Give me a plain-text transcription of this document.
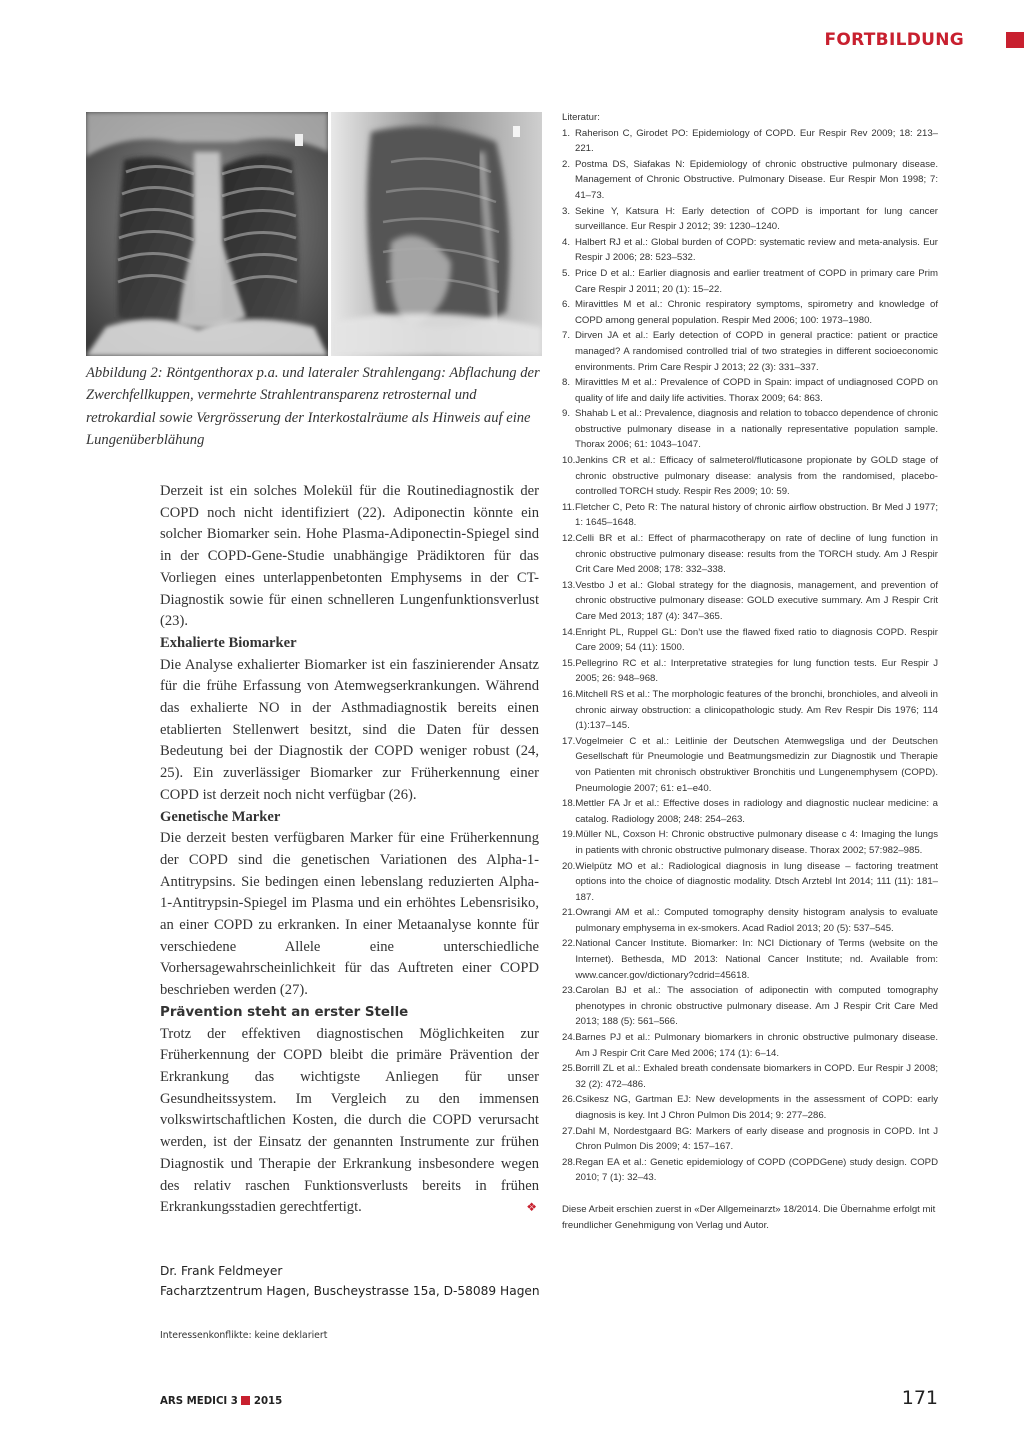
FORTBILDUNG
Abbildung 2: Röntgenthorax p.a. und lateraler Strahlengang: Abflachung der Zwerchfellkuppen, vermehrte Strahlentransparenz retrosternal und retrokardial sowie Vergrösserung der Interkostalräume als Hinweis auf eine Lungenüberblähung

Derzeit ist ein solches Molekül für die Routinediagnostik der COPD noch nicht identifiziert (22). Adiponectin könnte ein solcher Biomarker sein. Hohe Plasma-Adiponectin-Spiegel sind in der COPD-Gene-Studie unabhängige Prädiktoren für das Vorliegen eines unterlappenbetonten Emphysems in der CT-Diagnostik sowie für einen schnelleren Lungenfunktionsverlust (23).

Exhalierte Biomarker

Die Analyse exhalierter Biomarker ist ein faszinierender Ansatz für die frühe Erfassung von Atemwegserkrankungen. Während das exhalierte NO in der Asthmadiagnostik bereits einen etablierten Stellenwert besitzt, sind die Daten für dessen Bedeutung bei der Diagnostik der COPD weniger robust (24, 25). Ein zuverlässiger Biomarker zur Früherkennung einer COPD ist derzeit noch nicht verfügbar (26).

Genetische Marker

Die derzeit besten verfügbaren Marker für eine Früherkennung der COPD sind die genetischen Variationen des Alpha-1-Antitrypsins. Sie bedingen einen lebenslang reduzierten Alpha-1-Antitrypsin-Spiegel im Plasma und ein erhöhtes Lebensrisiko, an einer COPD zu erkranken. In einer Metaanalyse konnte für verschiedene Allele eine unterschiedliche Vorhersagewahrscheinlichkeit für das Auftreten einer COPD beschrieben werden (27).

Prävention steht an erster Stelle

Trotz der effektiven diagnostischen Möglichkeiten zur Früherkennung der COPD bleibt die primäre Prävention der Erkrankung das wichtigste Anliegen für unser Gesundheitssystem. Im Vergleich zu den immensen volkswirtschaftlichen Kosten, die durch die COPD verursacht werden, ist der Einsatz der genannten Instrumente zur frühen Diagnostik und Therapie der Erkrankung insbesondere wegen des relativ raschen Funktionsverlusts bereits in frühen Erkrankungsstadien gerechtfertigt.	❖

Dr. Frank Feldmeyer
Facharztzentrum Hagen, Buscheystrasse 15a, D-58089 Hagen
Interessenkonflikte: keine deklariert

Literatur:

1. Raherison C, Girodet PO: Epidemiology of COPD. Eur Respir Rev 2009; 18: 213–221.
2. Postma DS, Siafakas N: Epidemiology of chronic obstructive pulmonary disease. Management of Chronic Obstructive. Pulmonary Disease. Eur Respir Mon 1998; 7: 41–73.
3. Sekine Y, Katsura H: Early detection of COPD is important for lung cancer surveillance. Eur Respir J 2012; 39: 1230–1240.
4. Halbert RJ et al.: Global burden of COPD: systematic review and meta-analysis. Eur Respir J 2006; 28: 523–532.
5. Price D et al.: Earlier diagnosis and earlier treatment of COPD in primary care Prim Care Respir J 2011; 20 (1): 15–22.
6. Miravittles M et al.: Chronic respiratory symptoms, spirometry and knowledge of COPD among general population. Respir Med 2006; 100: 1973–1980.
7. Dirven JA et al.: Early detection of COPD in general practice: patient or practice managed? A randomised controlled trial of two strategies in different socioeconomic environments. Prim Care Respir J 2013; 22 (3): 331–337.
8. Miravittles M et al.: Prevalence of COPD in Spain: impact of undiagnosed COPD on quality of life and daily life activities. Thorax 2009; 64: 863.
9. Shahab L et al.: Prevalence, diagnosis and relation to tobacco dependence of chronic obstructive pulmonary disease in a nationally representative population sample. Thorax 2006; 61: 1043–1047.
10. Jenkins CR et al.: Efficacy of salmeterol/fluticasone propionate by GOLD stage of chronic obstructive pulmonary disease: analysis from the randomised, placebo-controlled TORCH study. Respir Res 2009; 10: 59.
11. Fletcher C, Peto R: The natural history of chronic airflow obstruction. Br Med J 1977; 1: 1645–1648.
12. Celli BR et al.: Effect of pharmacotherapy on rate of decline of lung function in chronic obstructive pulmonary disease: results from the TORCH study. Am J Respir Crit Care Med 2008; 178: 332–338.
13. Vestbo J et al.: Global strategy for the diagnosis, management, and prevention of chronic obstructive pulmonary disease: GOLD executive summary. Am J Respir Crit Care Med 2013; 187 (4): 347–365.
14. Enright PL, Ruppel GL: Don’t use the flawed fixed ratio to diagnosis COPD. Respir Care 2009; 54 (11): 1500.
15. Pellegrino RC et al.: Interpretative strategies for lung function tests. Eur Respir J 2005; 26: 948–968.
16. Mitchell RS et al.: The morphologic features of the bronchi, bronchioles, and alveoli in chronic airway obstruction: a clinicopathologic study. Am Rev Respir Dis 1976; 114 (1):137–145.
17. Vogelmeier C et al.: Leitlinie der Deutschen Atemwegsliga und der Deutschen Gesellschaft für Pneumologie und Beatmungsmedizin zur Diagnostik und Therapie von Patienten mit chronisch obstruktiver Bronchitis und Lungenemphysem (COPD). Pneumologie 2007; 61: e1–e40.
18. Mettler FA Jr et al.: Effective doses in radiology and diagnostic nuclear medicine: a catalog. Radiology 2008; 248: 254–263.
19. Müller NL, Coxson H: Chronic obstructive pulmonary disease c 4: Imaging the lungs in patients with chronic obstructive pulmonary disease. Thorax 2002; 57:982–985.
20. Wielpütz MO et al.: Radiological diagnosis in lung disease – factoring treatment options into the choice of diagnostic modality. Dtsch Arztebl Int 2014; 111 (11): 181–187.
21. Owrangi AM et al.: Computed tomography density histogram analysis to evaluate pulmonary emphysema in ex-smokers. Acad Radiol 2013; 20 (5): 537–545.
22. National Cancer Institute. Biomarker: In: NCI Dictionary of Terms (website on the Internet). Bethesda, MD 2013: National Cancer Institute; nd. Available from: www.cancer.gov/dictionary?cdrid=45618.
23. Carolan BJ et al.: The association of adiponectin with computed tomography phenotypes in chronic obstructive pulmonary disease. Am J Respir Crit Care Med 2013; 188 (5): 561–566.
24. Barnes PJ et al.: Pulmonary biomarkers in chronic obstructive pulmonary disease. Am J Respir Crit Care Med 2006; 174 (1): 6–14.
25. Borrill ZL et al.: Exhaled breath condensate biomarkers in COPD. Eur Respir J 2008; 32 (2): 472–486.
26. Csikesz NG, Gartman EJ: New developments in the assessment of COPD: early diagnosis is key. Int J Chron Pulmon Dis 2014; 9: 277–286.
27. Dahl M, Nordestgaard BG: Markers of early disease and prognosis in COPD. Int J Chron Pulmon Dis 2009; 4: 157–167.
28. Regan EA et al.: Genetic epidemiology of COPD (COPDGene) study design. COPD 2010; 7 (1): 32–43.
Diese Arbeit erschien zuerst in «Der Allgemeinarzt» 18/2014. Die Übernahme erfolgt mit freundlicher Genehmigung von Verlag und Autor.
ARS MEDICI 3 2015	171
